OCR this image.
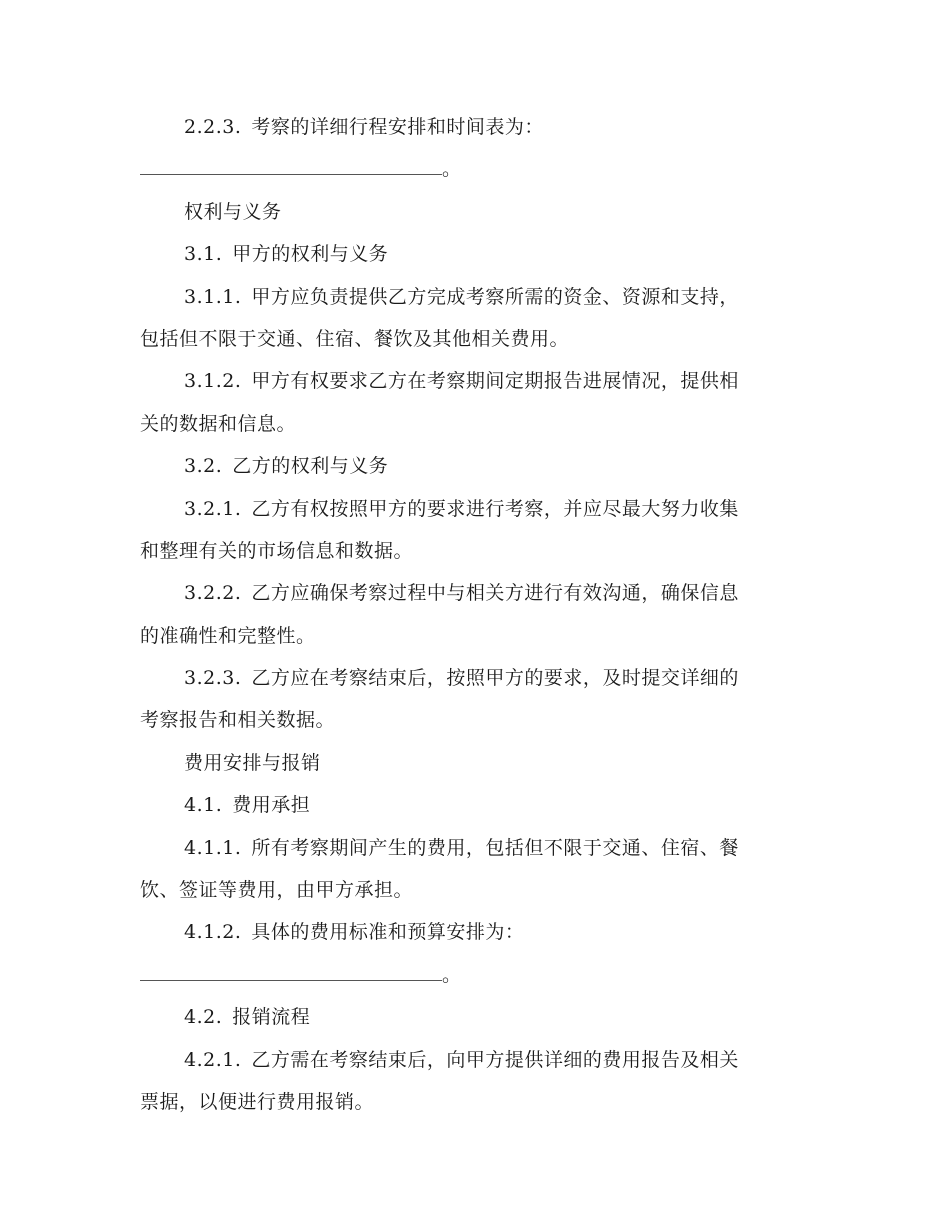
2.2.3. 考察的详细行程安排和时间表为：
。
权利与义务
3.1. 甲方的权利与义务
3.1.1. 甲方应负责提供乙方完成考察所需的资金、资源和支持，
包括但不限于交通、住宿、餐饮及其他相关费用。
3.1.2. 甲方有权要求乙方在考察期间定期报告进展情况，提供相
关的数据和信息。
3.2. 乙方的权利与义务
3.2.1. 乙方有权按照甲方的要求进行考察，并应尽最大努力收集
和整理有关的市场信息和数据。
3.2.2. 乙方应确保考察过程中与相关方进行有效沟通，确保信息
的准确性和完整性。
3.2.3. 乙方应在考察结束后，按照甲方的要求，及时提交详细的
考察报告和相关数据。
费用安排与报销
4.1. 费用承担
4.1.1. 所有考察期间产生的费用，包括但不限于交通、住宿、餐
饮、签证等费用，由甲方承担。
4.1.2. 具体的费用标准和预算安排为：
。
4.2. 报销流程
4.2.1. 乙方需在考察结束后，向甲方提供详细的费用报告及相关
票据，以便进行费用报销。
